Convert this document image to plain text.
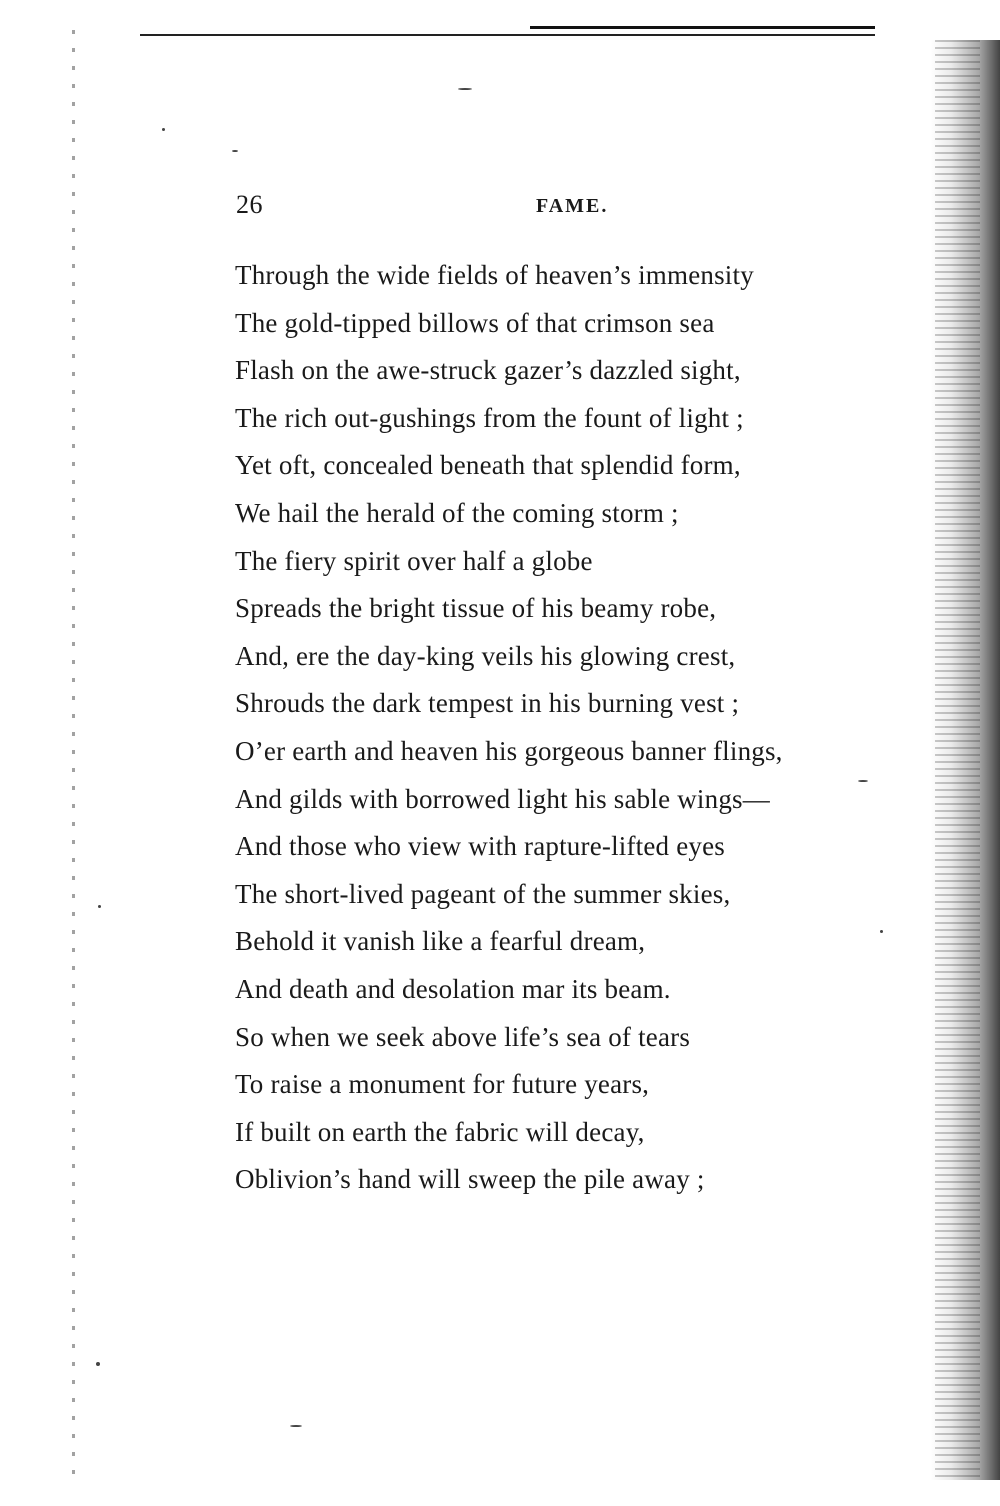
26	FAME.
Through the wide fields of heaven’s immensity
The gold-tipped billows of that crimson sea
Flash on the awe-struck gazer’s dazzled sight,
The rich out-gushings from the fount of light ;
Yet oft, concealed beneath that splendid form,
We hail the herald of the coming storm ;
The fiery spirit over half a globe
Spreads the bright tissue of his beamy robe,
And, ere the day-king veils his glowing crest,
Shrouds the dark tempest in his burning vest ;
O’er earth and heaven his gorgeous banner flings,
And gilds with borrowed light his sable wings—
And those who view with rapture-lifted eyes
The short-lived pageant of the summer skies,
Behold it vanish like a fearful dream,
And death and desolation mar its beam.
So when we seek above life’s sea of tears
To raise a monument for future years,
If built on earth the fabric will decay,
Oblivion’s hand will sweep the pile away ;
